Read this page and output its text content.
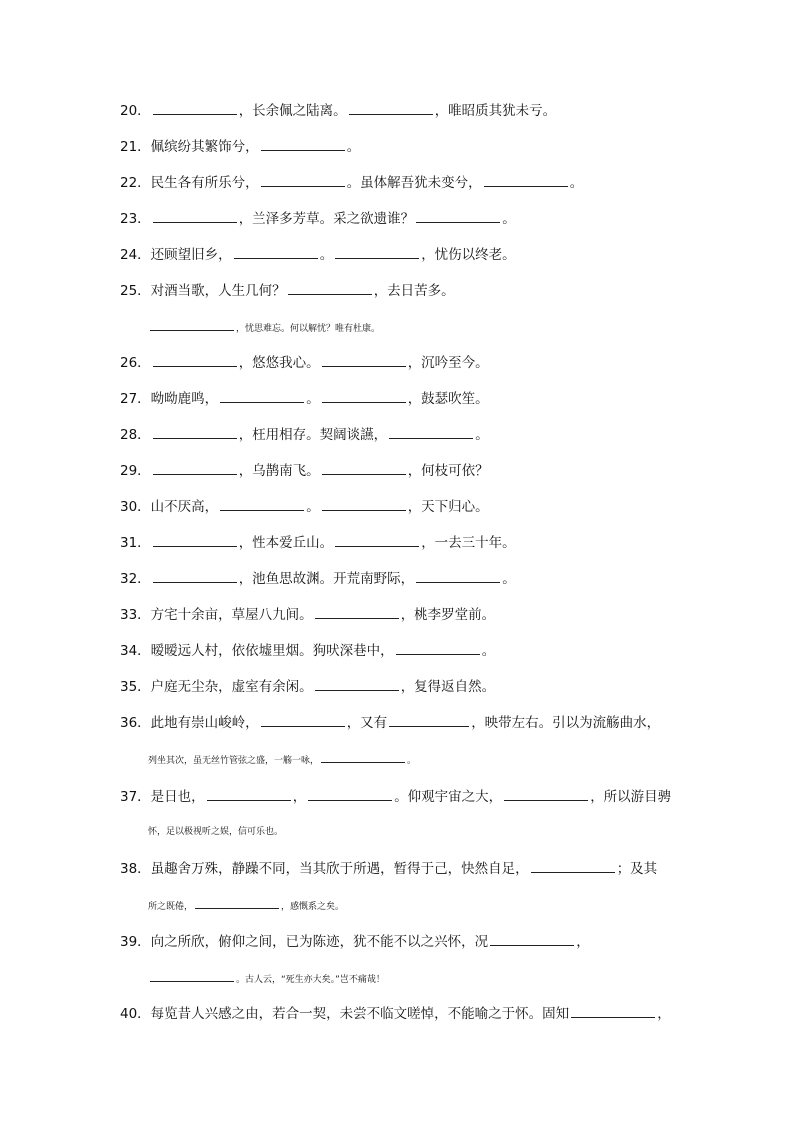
20．	，长余佩之陆离。	，唯昭质其犹未亏。
21．佩缤纷其繁饰兮，	。
22．民生各有所乐兮，	。虽体解吾犹未变兮，	。
23．	，兰泽多芳草。采之欲遗谁？	。
24．还顾望旧乡，	。	，忧伤以终老。
25．对酒当歌，人生几何？	，去日苦多。
，忧思难忘。何以解忧？唯有杜康。
26．	，悠悠我心。	，沉吟至今。
27．呦呦鹿鸣，	。	，鼓瑟吹笙。
28．	，枉用相存。契阔谈讌，	。
29．	，乌鹊南飞。	，何枝可依？
30．山不厌高，	。	，天下归心。
31．	，性本爱丘山。	，一去三十年。
32．	，池鱼思故渊。开荒南野际，	。
33．方宅十余亩，草屋八九间。	，桃李罗堂前。
34．暧暧远人村，依依墟里烟。狗吠深巷中，	。
35．户庭无尘杂，虚室有余闲。	，复得返自然。
36．此地有崇山峻岭，	，又有	，映带左右。引以为流觞曲水，
列坐其次，虽无丝竹管弦之盛，一觞一咏，	。
37．是日也，	，	。仰观宇宙之大，	，所以游目骋
怀，足以极视听之娱，信可乐也。
38．虽趣舍万殊，静躁不同，当其欣于所遇，暂得于己，快然自足，	；及其
所之既倦，	，感慨系之矣。
39．向之所欣，俯仰之间，已为陈迹，犹不能不以之兴怀，况	，
。古人云，“死生亦大矣。”岂不痛哉！
40．每览昔人兴感之由，若合一契，未尝不临文嗟悼，不能喻之于怀。固知	，
